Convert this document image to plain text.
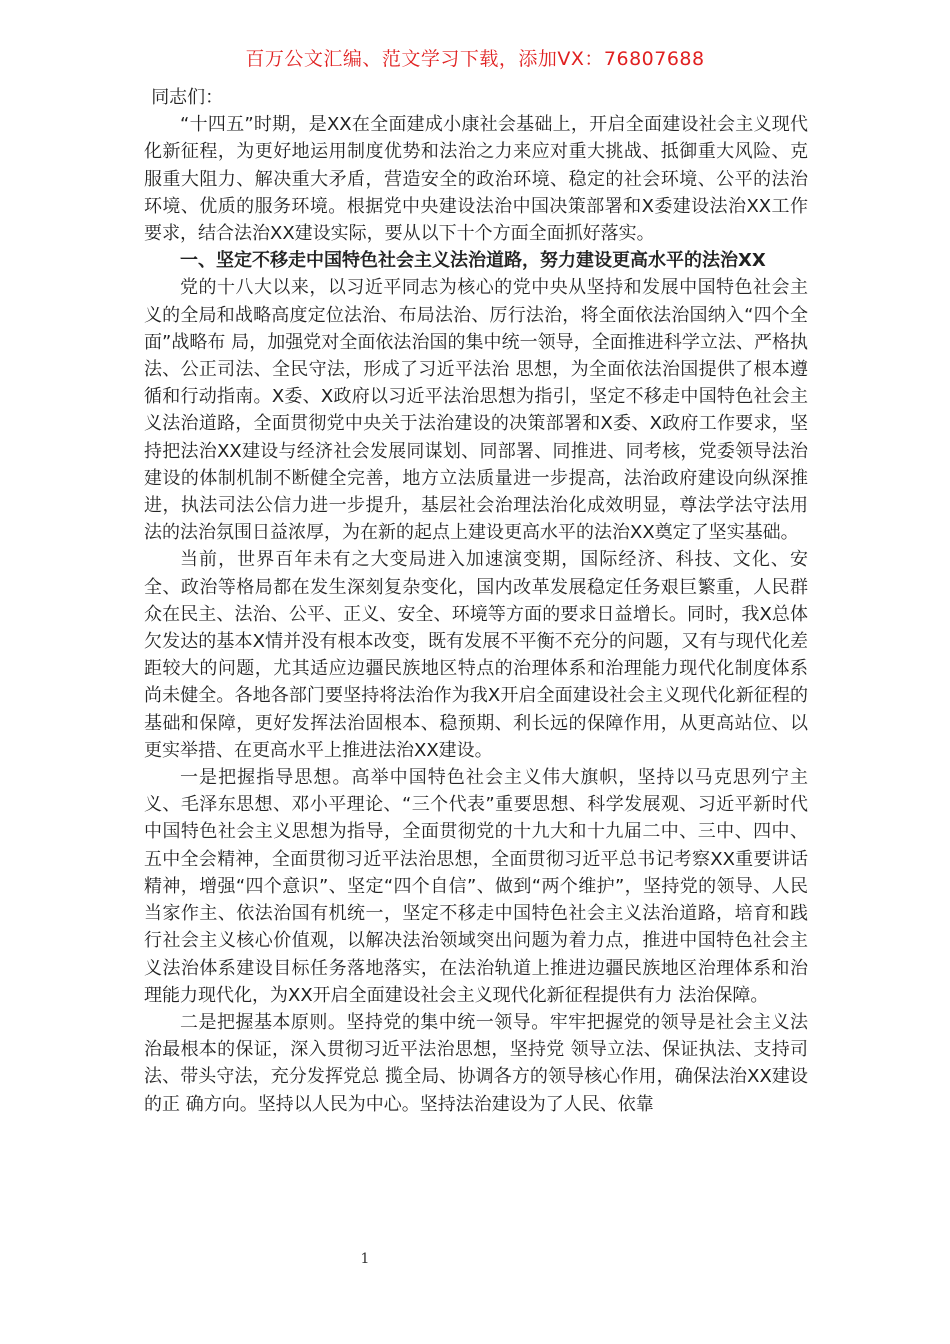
百万公文汇编、范文学习下载，添加VX：76807688

同志们：

“十四五”时期，是XX在全面建成小康社会基础上，开启全面建设社会主义现代化新征程，为更好地运用制度优势和法治之力来应对重大挑战、抵御重大风险、克服重大阻力、解决重大矛盾，营造安全的政治环境、稳定的社会环境、公平的法治环境、优质的服务环境。根据党中央建设法治中国决策部署和X委建设法治XX工作要求，结合法治XX建设实际，要从以下十个方面全面抓好落实。

一、坚定不移走中国特色社会主义法治道路，努力建设更高水平的法治XX

党的十八大以来，以习近平同志为核心的党中央从坚持和发展中国特色社会主义的全局和战略高度定位法治、布局法治、厉行法治，将全面依法治国纳入“四个全面”战略布 局，加强党对全面依法治国的集中统一领导，全面推进科学立法、严格执法、公正司法、全民守法，形成了习近平法治 思想，为全面依法治国提供了根本遵循和行动指南。X委、X政府以习近平法治思想为指引，坚定不移走中国特色社会主义法治道路，全面贯彻党中央关于法治建设的决策部署和X委、X政府工作要求，坚持把法治XX建设与经济社会发展同谋划、同部署、同推进、同考核，党委领导法治建设的体制机制不断健全完善，地方立法质量进一步提高，法治政府建设向纵深推进，执法司法公信力进一步提升，基层社会治理法治化成效明显，尊法学法守法用法的法治氛围日益浓厚，为在新的起点上建设更高水平的法治XX奠定了坚实基础。

当前，世界百年未有之大变局进入加速演变期，国际经济、科技、文化、安全、政治等格局都在发生深刻复杂变化，国内改革发展稳定任务艰巨繁重，人民群众在民主、法治、公平、正义、安全、环境等方面的要求日益增长。同时，我X总体欠发达的基本X情并没有根本改变，既有发展不平衡不充分的问题，又有与现代化差距较大的问题，尤其适应边疆民族地区特点的治理体系和治理能力现代化制度体系尚未健全。各地各部门要坚持将法治作为我X开启全面建设社会主义现代化新征程的基础和保障，更好发挥法治固根本、稳预期、利长远的保障作用，从更高站位、以更实举措、在更高水平上推进法治XX建设。

一是把握指导思想。高举中国特色社会主义伟大旗帜，坚持以马克思列宁主义、毛泽东思想、邓小平理论、“三个代表”重要思想、科学发展观、习近平新时代中国特色社会主义思想为指导，全面贯彻党的十九大和十九届二中、三中、四中、五中全会精神，全面贯彻习近平法治思想，全面贯彻习近平总书记考察XX重要讲话精神，增强“四个意识”、坚定“四个自信”、做到“两个维护”，坚持党的领导、人民当家作主、依法治国有机统一，坚定不移走中国特色社会主义法治道路，培育和践行社会主义核心价值观，以解决法治领域突出问题为着力点，推进中国特色社会主义法治体系建设目标任务落地落实，在法治轨道上推进边疆民族地区治理体系和治理能力现代化，为XX开启全面建设社会主义现代化新征程提供有力 法治保障。

二是把握基本原则。坚持党的集中统一领导。牢牢把握党的领导是社会主义法治最根本的保证，深入贯彻习近平法治思想，坚持党 领导立法、保证执法、支持司法、带头守法，充分发挥党总 揽全局、协调各方的领导核心作用，确保法治XX建设的正 确方向。坚持以人民为中心。坚持法治建设为了人民、依靠

1
